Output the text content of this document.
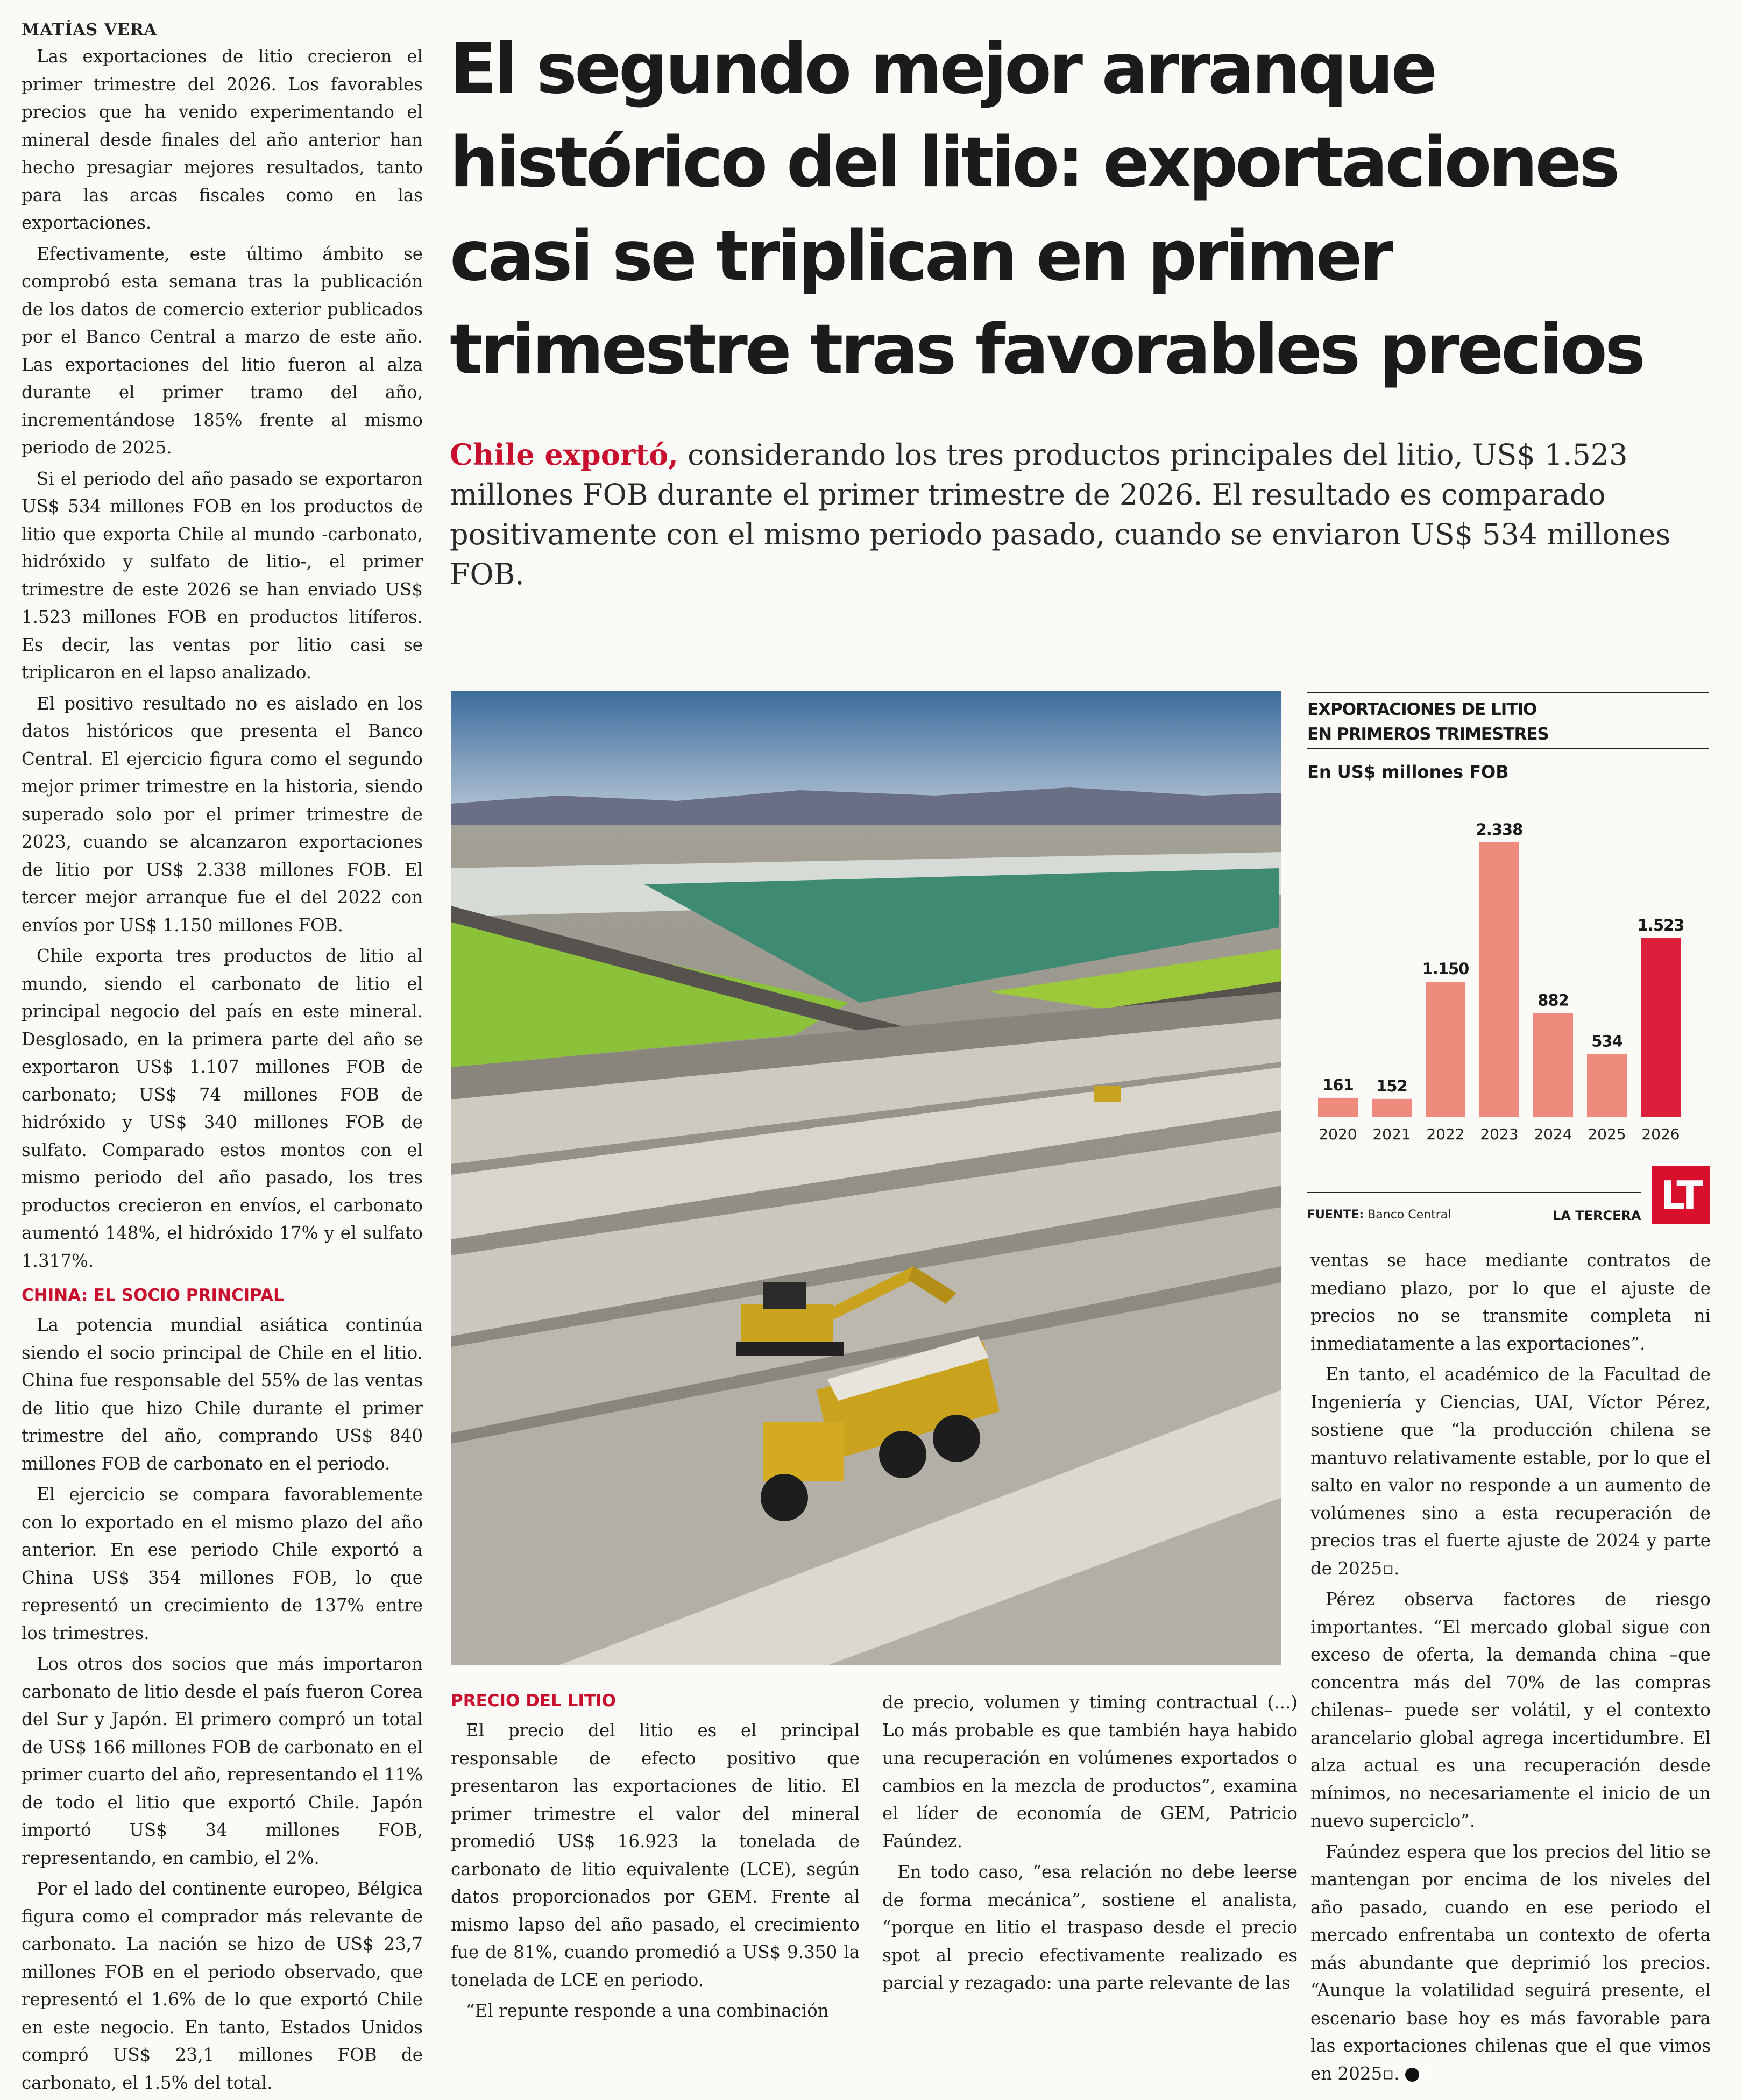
MATÍAS VERA

Las exportaciones de litio crecieron el primer trimestre del 2026. Los favorables precios que ha venido experimentando el mineral desde finales del año anterior han hecho presagiar mejores resultados, tanto para las arcas fiscales como en las exportaciones.

Efectivamente, este último ámbito se comprobó esta semana tras la publicación de los datos de comercio exterior publicados por el Banco Central a marzo de este año. Las exportaciones del litio fueron al alza durante el primer tramo del año, incrementándose 185% frente al mismo periodo de 2025.

Si el periodo del año pasado se exportaron US$ 534 millones FOB en los productos de litio que exporta Chile al mundo -carbonato, hidróxido y sulfato de litio-, el primer trimestre de este 2026 se han enviado US$ 1.523 millones FOB en productos litíferos. Es decir, las ventas por litio casi se triplicaron en el lapso analizado.

El positivo resultado no es aislado en los datos históricos que presenta el Banco Central. El ejercicio figura como el segundo mejor primer trimestre en la historia, siendo superado solo por el primer trimestre de 2023, cuando se alcanzaron exportaciones de litio por US$ 2.338 millones FOB. El tercer mejor arranque fue el del 2022 con envíos por US$ 1.150 millones FOB.

Chile exporta tres productos de litio al mundo, siendo el carbonato de litio el principal negocio del país en este mineral. Desglosado, en la primera parte del año se exportaron US$ 1.107 millones FOB de carbonato; US$ 74 millones FOB de hidróxido y US$ 340 millones FOB de sulfato. Comparado estos montos con el mismo periodo del año pasado, los tres productos crecieron en envíos, el carbonato aumentó 148%, el hidróxido 17% y el sulfato 1.317%.

CHINA: EL SOCIO PRINCIPAL

La potencia mundial asiática continúa siendo el socio principal de Chile en el litio. China fue responsable del 55% de las ventas de litio que hizo Chile durante el primer trimestre del año, comprando US$ 840 millones FOB de carbonato en el periodo.

El ejercicio se compara favorablemente con lo exportado en el mismo plazo del año anterior. En ese periodo Chile exportó a China US$ 354 millones FOB, lo que representó un crecimiento de 137% entre los trimestres.

Los otros dos socios que más importaron carbonato de litio desde el país fueron Corea del Sur y Japón. El primero compró un total de US$ 166 millones FOB de carbonato en el primer cuarto del año, representando el 11% de todo el litio que exportó Chile. Japón importó US$ 34 millones FOB, representando, en cambio, el 2%.

Por el lado del continente europeo, Bélgica figura como el comprador más relevante de carbonato. La nación se hizo de US$ 23,7 millones FOB en el periodo observado, que representó el 1.6% de lo que exportó Chile en este negocio. En tanto, Estados Unidos compró US$ 23,1 millones FOB de carbonato, el 1.5% del total.

El segundo mejor arranque
histórico del litio: exportaciones
casi se triplican en primer
trimestre tras favorables precios
Chile exportó, considerando los tres productos principales del litio, US$ 1.523 millones FOB durante el primer trimestre de 2026. El resultado es comparado positivamente con el mismo periodo pasado, cuando se enviaron US$ 534 millones FOB.
EXPORTACIONES DE LITIO
EN PRIMEROS TRIMESTRES
En US$ millones FOB
161
2020
152
2021
1.150
2022
2.338
2023
882
2024
534
2025
1.523
2026
FUENTE: Banco Central	LA TERCERA LT

ventas se hace mediante contratos de mediano plazo, por lo que el ajuste de precios no se transmite completa ni inmediatamente a las exportaciones”.

En tanto, el académico de la Facultad de Ingeniería y Ciencias, UAI, Víctor Pérez, sostiene que “la producción chilena se mantuvo relativamente estable, por lo que el salto en valor no responde a un aumento de volúmenes sino a esta recuperación de precios tras el fuerte ajuste de 2024 y parte de 2025▫.

Pérez observa factores de riesgo importantes. “El mercado global sigue con exceso de oferta, la demanda china –que concentra más del 70% de las compras chilenas– puede ser volátil, y el contexto arancelario global agrega incertidumbre. El alza actual es una recuperación desde mínimos, no necesariamente el inicio de un nuevo superciclo”.

Faúndez espera que los precios del litio se mantengan por encima de los niveles del año pasado, cuando en ese periodo el mercado enfrentaba un contexto de oferta más abundante que deprimió los precios. “Aunque la volatilidad seguirá presente, el escenario base hoy es más favorable para las exportaciones chilenas que el que vimos en 2025▫. P

PRECIO DEL LITIO

El precio del litio es el principal responsable de efecto positivo que presentaron las exportaciones de litio. El primer trimestre el valor del mineral promedió US$ 16.923 la tonelada de carbonato de litio equivalente (LCE), según datos proporcionados por GEM. Frente al mismo lapso del año pasado, el crecimiento fue de 81%, cuando promedió a US$ 9.350 la tonelada de LCE en periodo.

“El repunte responde a una combinación

de precio, volumen y timing contractual (...) Lo más probable es que también haya habido una recuperación en volúmenes exportados o cambios en la mezcla de productos”, examina el líder de economía de GEM, Patricio Faúndez.

En todo caso, “esa relación no debe leerse de forma mecánica”, sostiene el analista, “porque en litio el traspaso desde el precio spot al precio efectivamente realizado es parcial y rezagado: una parte relevante de las
